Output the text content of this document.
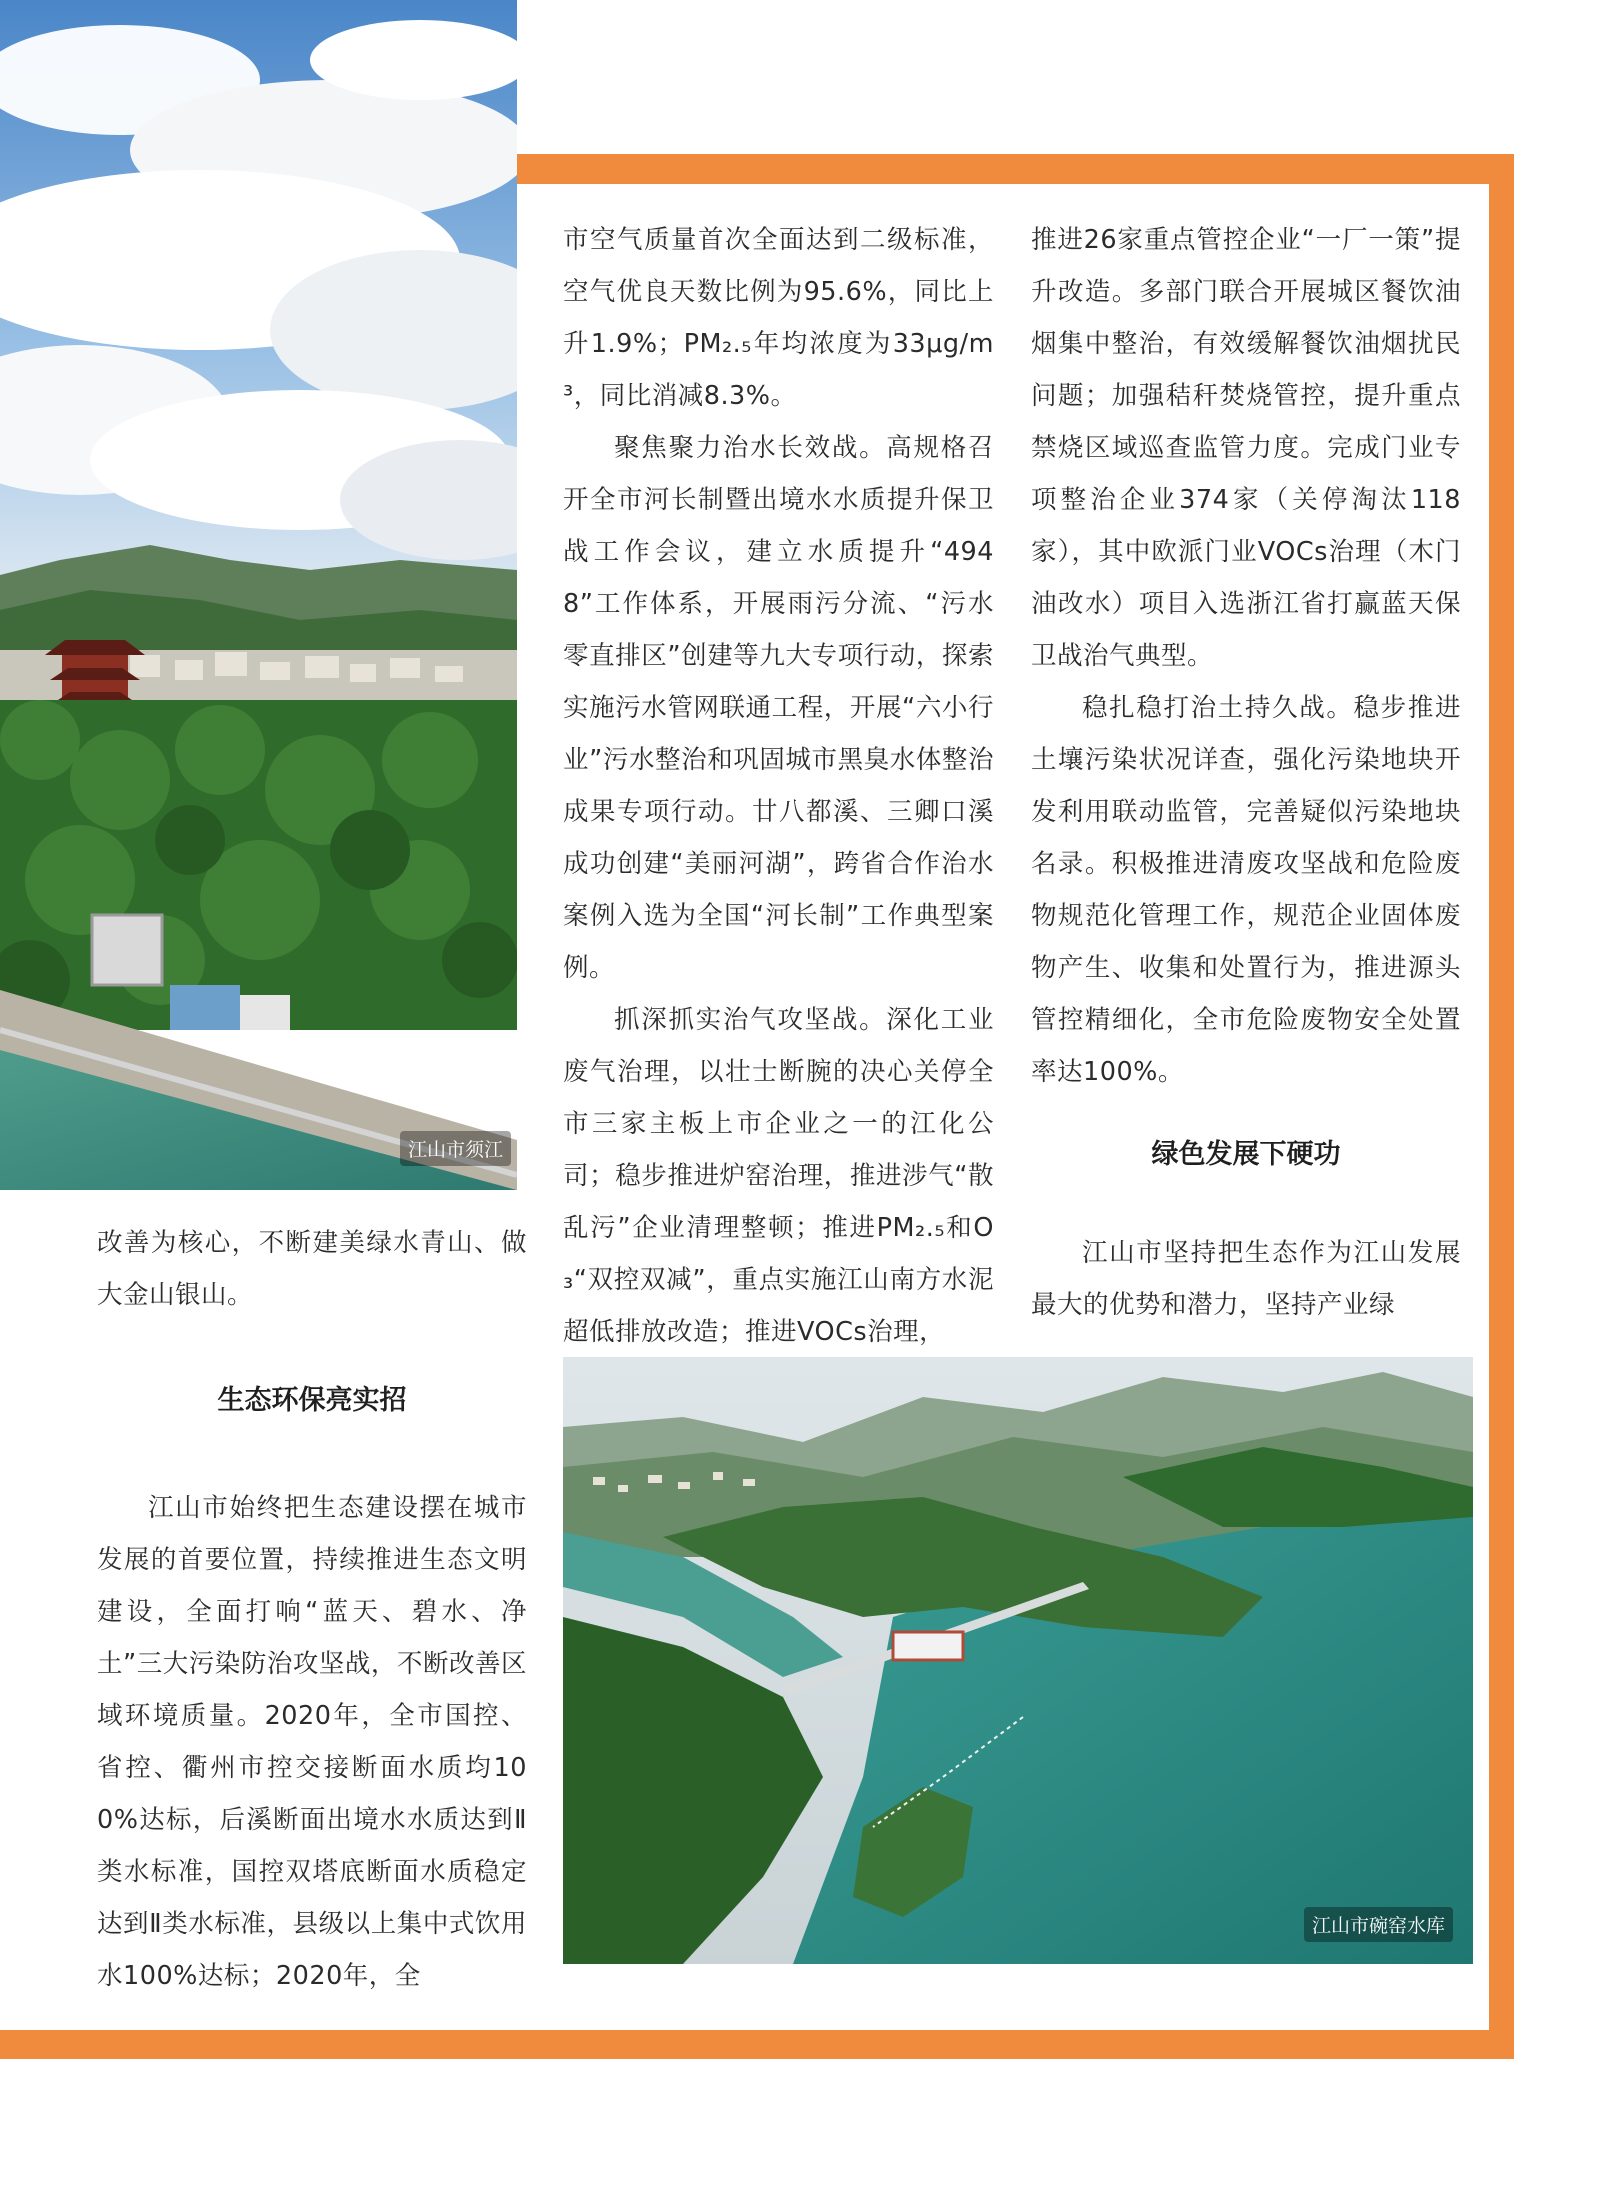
江山市须江

改善为核心，不断建美绿水青山、做大金山银山。

生态环保亮实招

江山市始终把生态建设摆在城市发展的首要位置，持续推进生态文明建设，全面打响“蓝天、碧水、净土”三大污染防治攻坚战，不断改善区域环境质量。2020年，全市国控、省控、衢州市控交接断面水质均100%达标，后溪断面出境水水质达到Ⅱ类水标准，国控双塔底断面水质稳定达到Ⅱ类水标准，县级以上集中式饮用水100%达标；2020年，全

市空气质量首次全面达到二级标准，空气优良天数比例为95.6%，同比上升1.9%；PM₂.₅年均浓度为33μg/m³，同比消减8.3%。

聚焦聚力治水长效战。高规格召开全市河长制暨出境水水质提升保卫战工作会议，建立水质提升“4948”工作体系，开展雨污分流、“污水零直排区”创建等九大专项行动，探索实施污水管网联通工程，开展“六小行业”污水整治和巩固城市黑臭水体整治成果专项行动。廿八都溪、三卿口溪成功创建“美丽河湖”，跨省合作治水案例入选为全国“河长制”工作典型案例。

抓深抓实治气攻坚战。深化工业废气治理，以壮士断腕的决心关停全市三家主板上市企业之一的江化公司；稳步推进炉窑治理，推进涉气“散乱污”企业清理整顿；推进PM₂.₅和O₃“双控双减”，重点实施江山南方水泥超低排放改造；推进VOCs治理，

推进26家重点管控企业“一厂一策”提升改造。多部门联合开展城区餐饮油烟集中整治，有效缓解餐饮油烟扰民问题；加强秸秆焚烧管控，提升重点禁烧区域巡查监管力度。完成门业专项整治企业374家（关停淘汰118家），其中欧派门业VOCs治理（木门油改水）项目入选浙江省打赢蓝天保卫战治气典型。

稳扎稳打治土持久战。稳步推进土壤污染状况详查，强化污染地块开发利用联动监管，完善疑似污染地块名录。积极推进清废攻坚战和危险废物规范化管理工作，规范企业固体废物产生、收集和处置行为，推进源头管控精细化，全市危险废物安全处置率达100%。

绿色发展下硬功

江山市坚持把生态作为江山发展最大的优势和潜力，坚持产业绿

江山市碗窑水库
